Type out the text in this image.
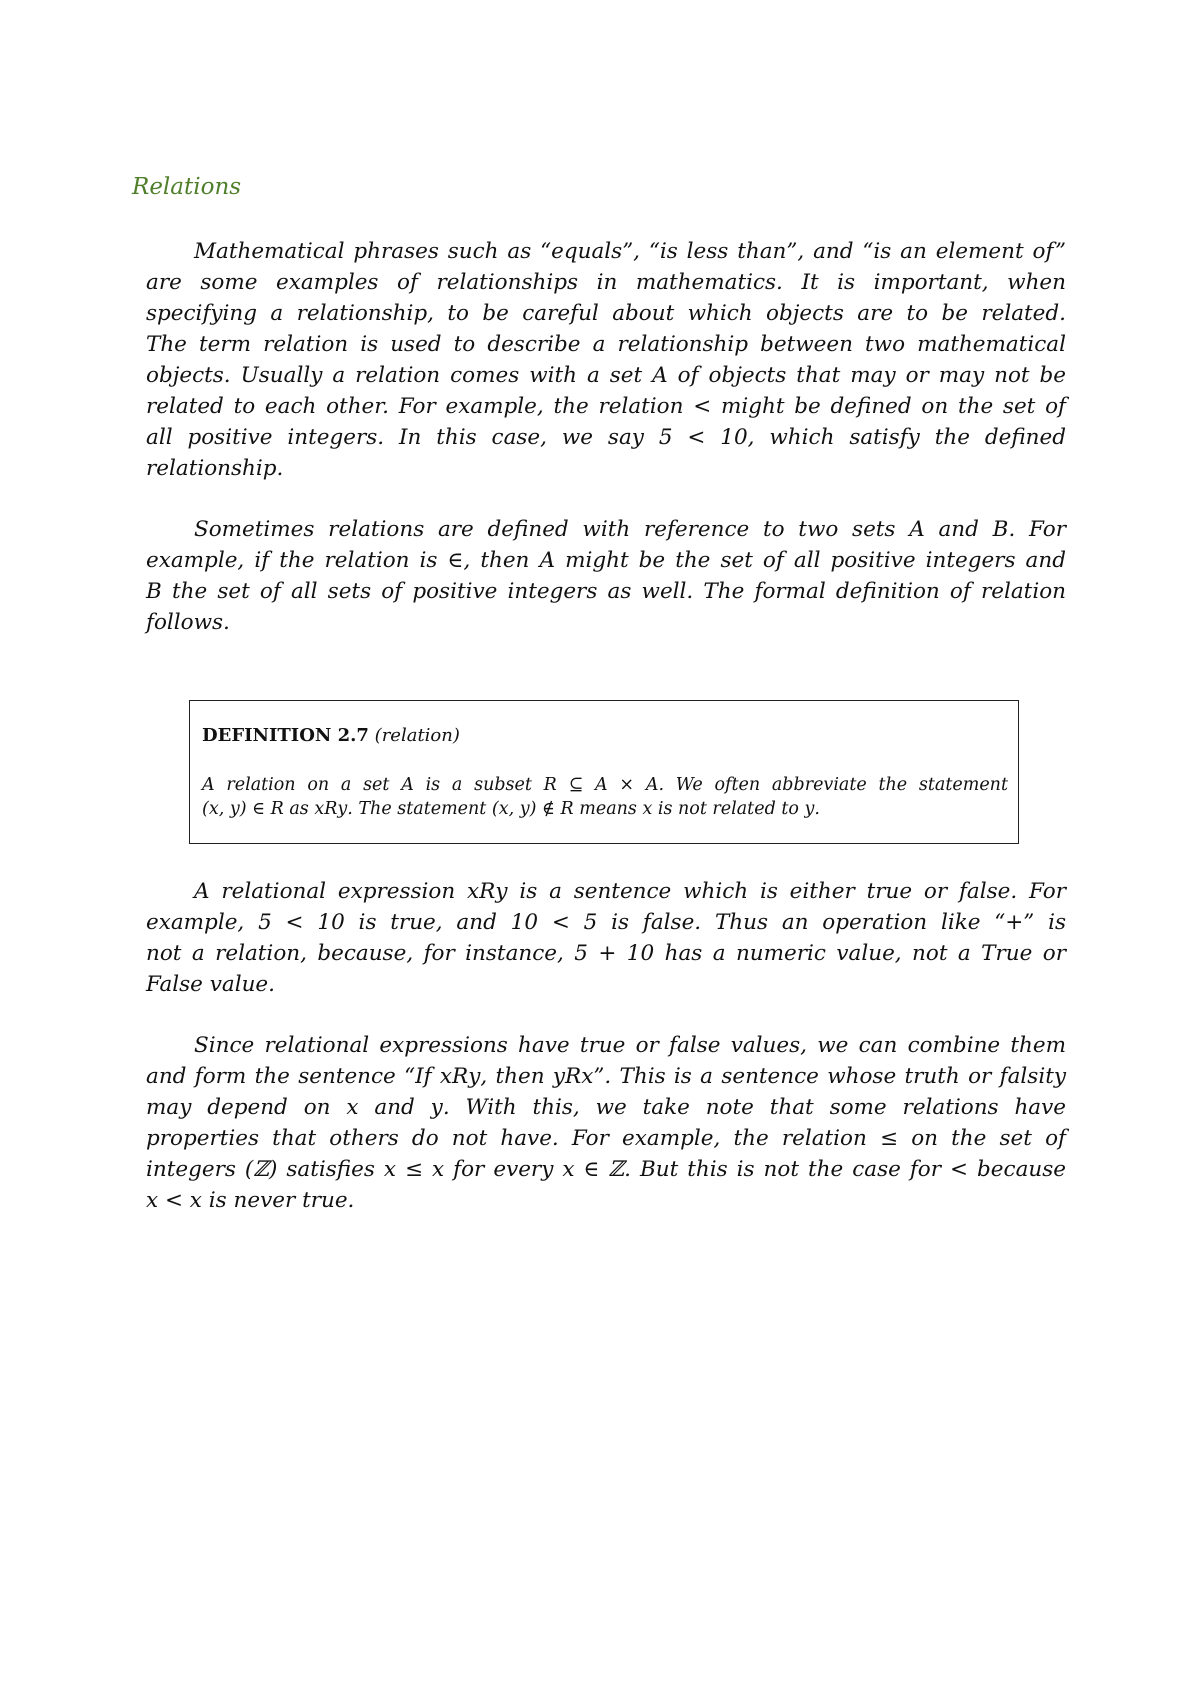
Relations
Mathematical phrases such as “equals”, “is less than”, and “is an element of”
are some examples of relationships in mathematics. It is important, when
specifying a relationship, to be careful about which objects are to be related.
The term relation is used to describe a relationship between two mathematical
objects. Usually a relation comes with a set 𝐴 of objects that may or may not be
related to each other. For example, the relation < might be defined on the set of
all positive integers. In this case, we say 5 < 10, which satisfy the defined
relationship.
Sometimes relations are defined with reference to two sets 𝐴 and 𝐵. For
example, if the relation is ∈, then 𝐴 might be the set of all positive integers and
𝐵 the set of all sets of positive integers as well. The formal definition of relation
follows.
DEFINITION 2.7 (relation)
A relation on a set 𝐴 is a subset 𝑅 ⊆ 𝐴 × 𝐴. We often abbreviate the statement
(𝑥, 𝑦) ∈ 𝑅 as 𝑥𝑅𝑦. The statement (𝑥, 𝑦) ∉ 𝑅 means 𝑥 is not related to 𝑦.
A relational expression 𝑥𝑅𝑦 is a sentence which is either true or false. For
example, 5 < 10 is true, and 10 < 5 is false. Thus an operation like “+” is
not a relation, because, for instance, 5 + 10 has a numeric value, not a True or
False value.
Since relational expressions have true or false values, we can combine them
and form the sentence “If 𝑥𝑅𝑦, then 𝑦𝑅𝑥”. This is a sentence whose truth or falsity
may depend on 𝑥 and 𝑦. With this, we take note that some relations have
properties that others do not have. For example, the relation ≤ on the set of
integers (ℤ) satisfies 𝑥 ≤ 𝑥 for every 𝑥 ∈ ℤ. But this is not the case for < because
𝑥 < 𝑥 is never true.
